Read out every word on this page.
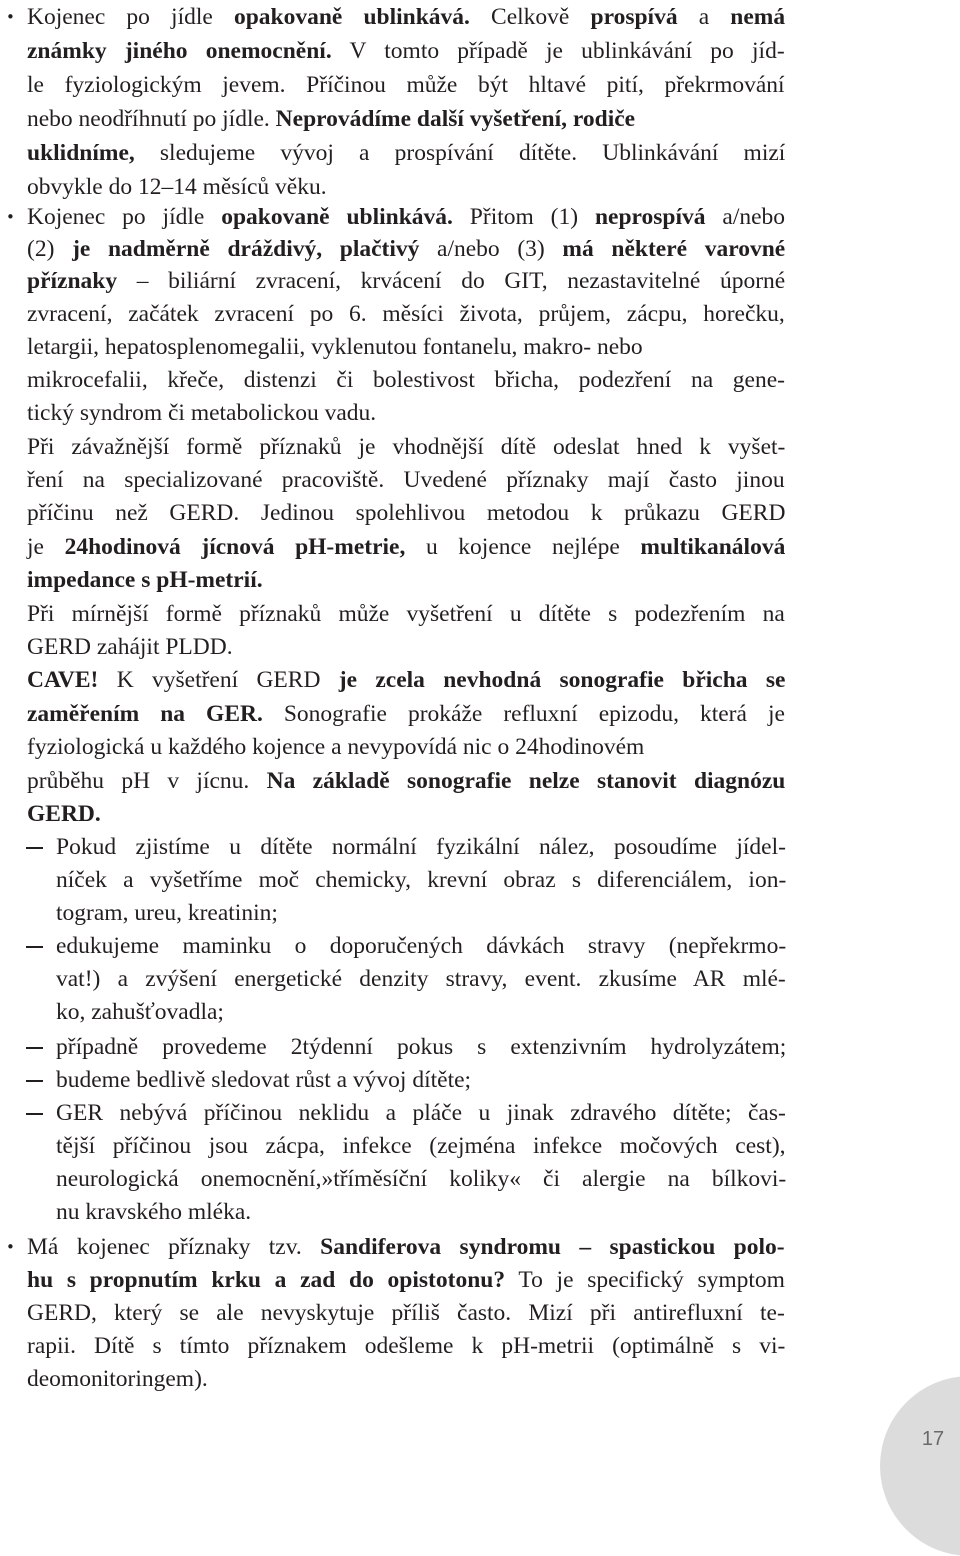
• Kojenec po jídle opakovaně ublinkává. Celkově prospívá a nemá
známky jiného onemocnění. V tomto případě je ublinkávání po jíd-
le fyziologickým jevem. Příčinou může být hltavé pití, překrmování
nebo neodříhnutí po jídle. Neprovádíme další vyšetření, rodiče
uklidníme, sledujeme vývoj a prospívání dítěte. Ublinkávání mizí
obvykle do 12–14 měsíců věku.
• Kojenec po jídle opakovaně ublinkává. Přitom (1) neprospívá a/nebo
(2) je nadměrně dráždivý, plačtivý a/nebo (3) má některé varovné
příznaky – biliární zvracení, krvácení do GIT, nezastavitelné úporné
zvracení, začátek zvracení po 6. měsíci života, průjem, zácpu, horečku,
letargii, hepatosplenomegalii, vyklenutou fontanelu, makro- nebo
mikrocefalii, křeče, distenzi či bolestivost břicha, podezření na gene-
tický syndrom či metabolickou vadu.
Při závažnější formě příznaků je vhodnější dítě odeslat hned k vyšet-
ření na specializované pracoviště. Uvedené příznaky mají často jinou
příčinu než GERD. Jedinou spolehlivou metodou k průkazu GERD
je 24hodinová jícnová pH-metrie, u kojence nejlépe multikanálová
impedance s pH-metrií.
Při mírnější formě příznaků může vyšetření u dítěte s podezřením na
GERD zahájit PLDD.
CAVE! K vyšetření GERD je zcela nevhodná sonografie břicha se
zaměřením na GER. Sonografie prokáže refluxní epizodu, která je
fyziologická u každého kojence a nevypovídá nic o 24hodinovém
průběhu pH v jícnu. Na základě sonografie nelze stanovit diagnózu
GERD.
Pokud zjistíme u dítěte normální fyzikální nález, posoudíme jídel-
níček a vyšetříme moč chemicky, krevní obraz s diferenciálem, ion-
togram, ureu, kreatinin;
edukujeme maminku o doporučených dávkách stravy (nepřekrmo-
vat!) a zvýšení energetické denzity stravy, event. zkusíme AR mlé-
ko, zahušťovadla;
případně provedeme 2týdenní pokus s extenzivním hydrolyzátem;
budeme bedlivě sledovat růst a vývoj dítěte;
GER nebývá příčinou neklidu a pláče u jinak zdravého dítěte; čas-
tější příčinou jsou zácpa, infekce (zejména infekce močových cest),
neurologická onemocnění,»tříměsíční koliky« či alergie na bílkovi-
nu kravského mléka.
• Má kojenec příznaky tzv. Sandiferova syndromu – spastickou polo-
hu s propnutím krku a zad do opistotonu? To je specifický symptom
GERD, který se ale nevyskytuje příliš často. Mizí při antirefluxní te-
rapii. Dítě s tímto příznakem odešleme k pH-metrii (optimálně s vi-
deomonitoringem).
17
